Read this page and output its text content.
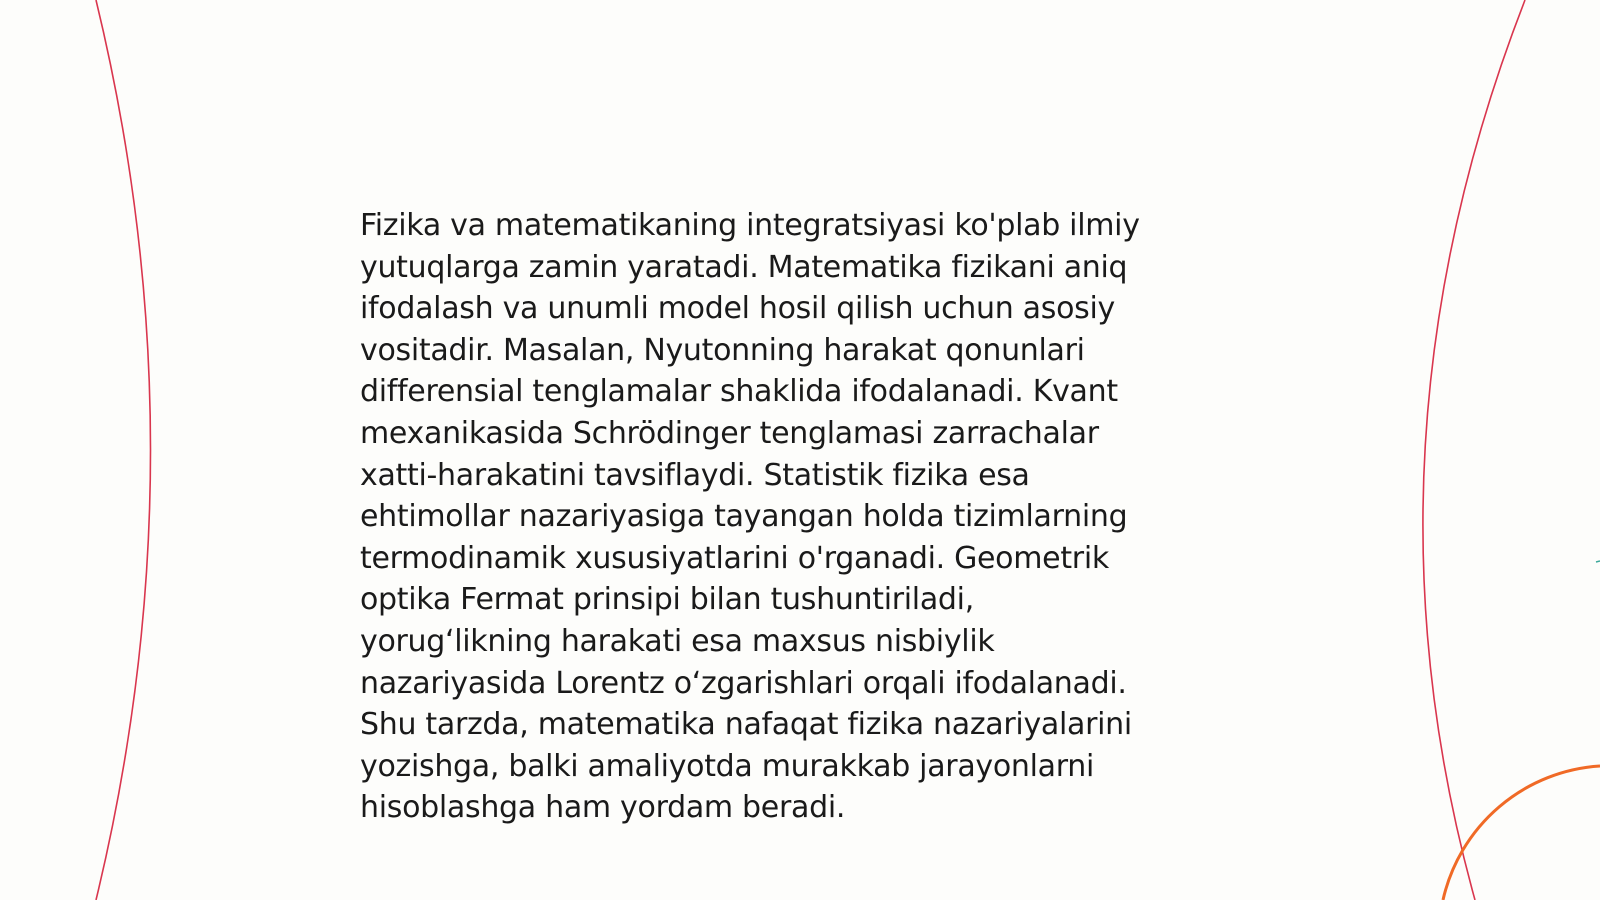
Fizika va matematikaning integratsiyasi ko'plab ilmiy
yutuqlarga zamin yaratadi. Matematika fizikani aniq
ifodalash va unumli model hosil qilish uchun asosiy
vositadir. Masalan, Nyutonning harakat qonunlari
differensial tenglamalar shaklida ifodalanadi. Kvant
mexanikasida Schrödinger tenglamasi zarrachalar
xatti-harakatini tavsiflaydi. Statistik fizika esa
ehtimollar nazariyasiga tayangan holda tizimlarning
termodinamik xususiyatlarini o'rganadi. Geometrik
optika Fermat prinsipi bilan tushuntiriladi,
yorug‘likning harakati esa maxsus nisbiylik
nazariyasida Lorentz o‘zgarishlari orqali ifodalanadi.
Shu tarzda, matematika nafaqat fizika nazariyalarini
yozishga, balki amaliyotda murakkab jarayonlarni
hisoblashga ham yordam beradi.
